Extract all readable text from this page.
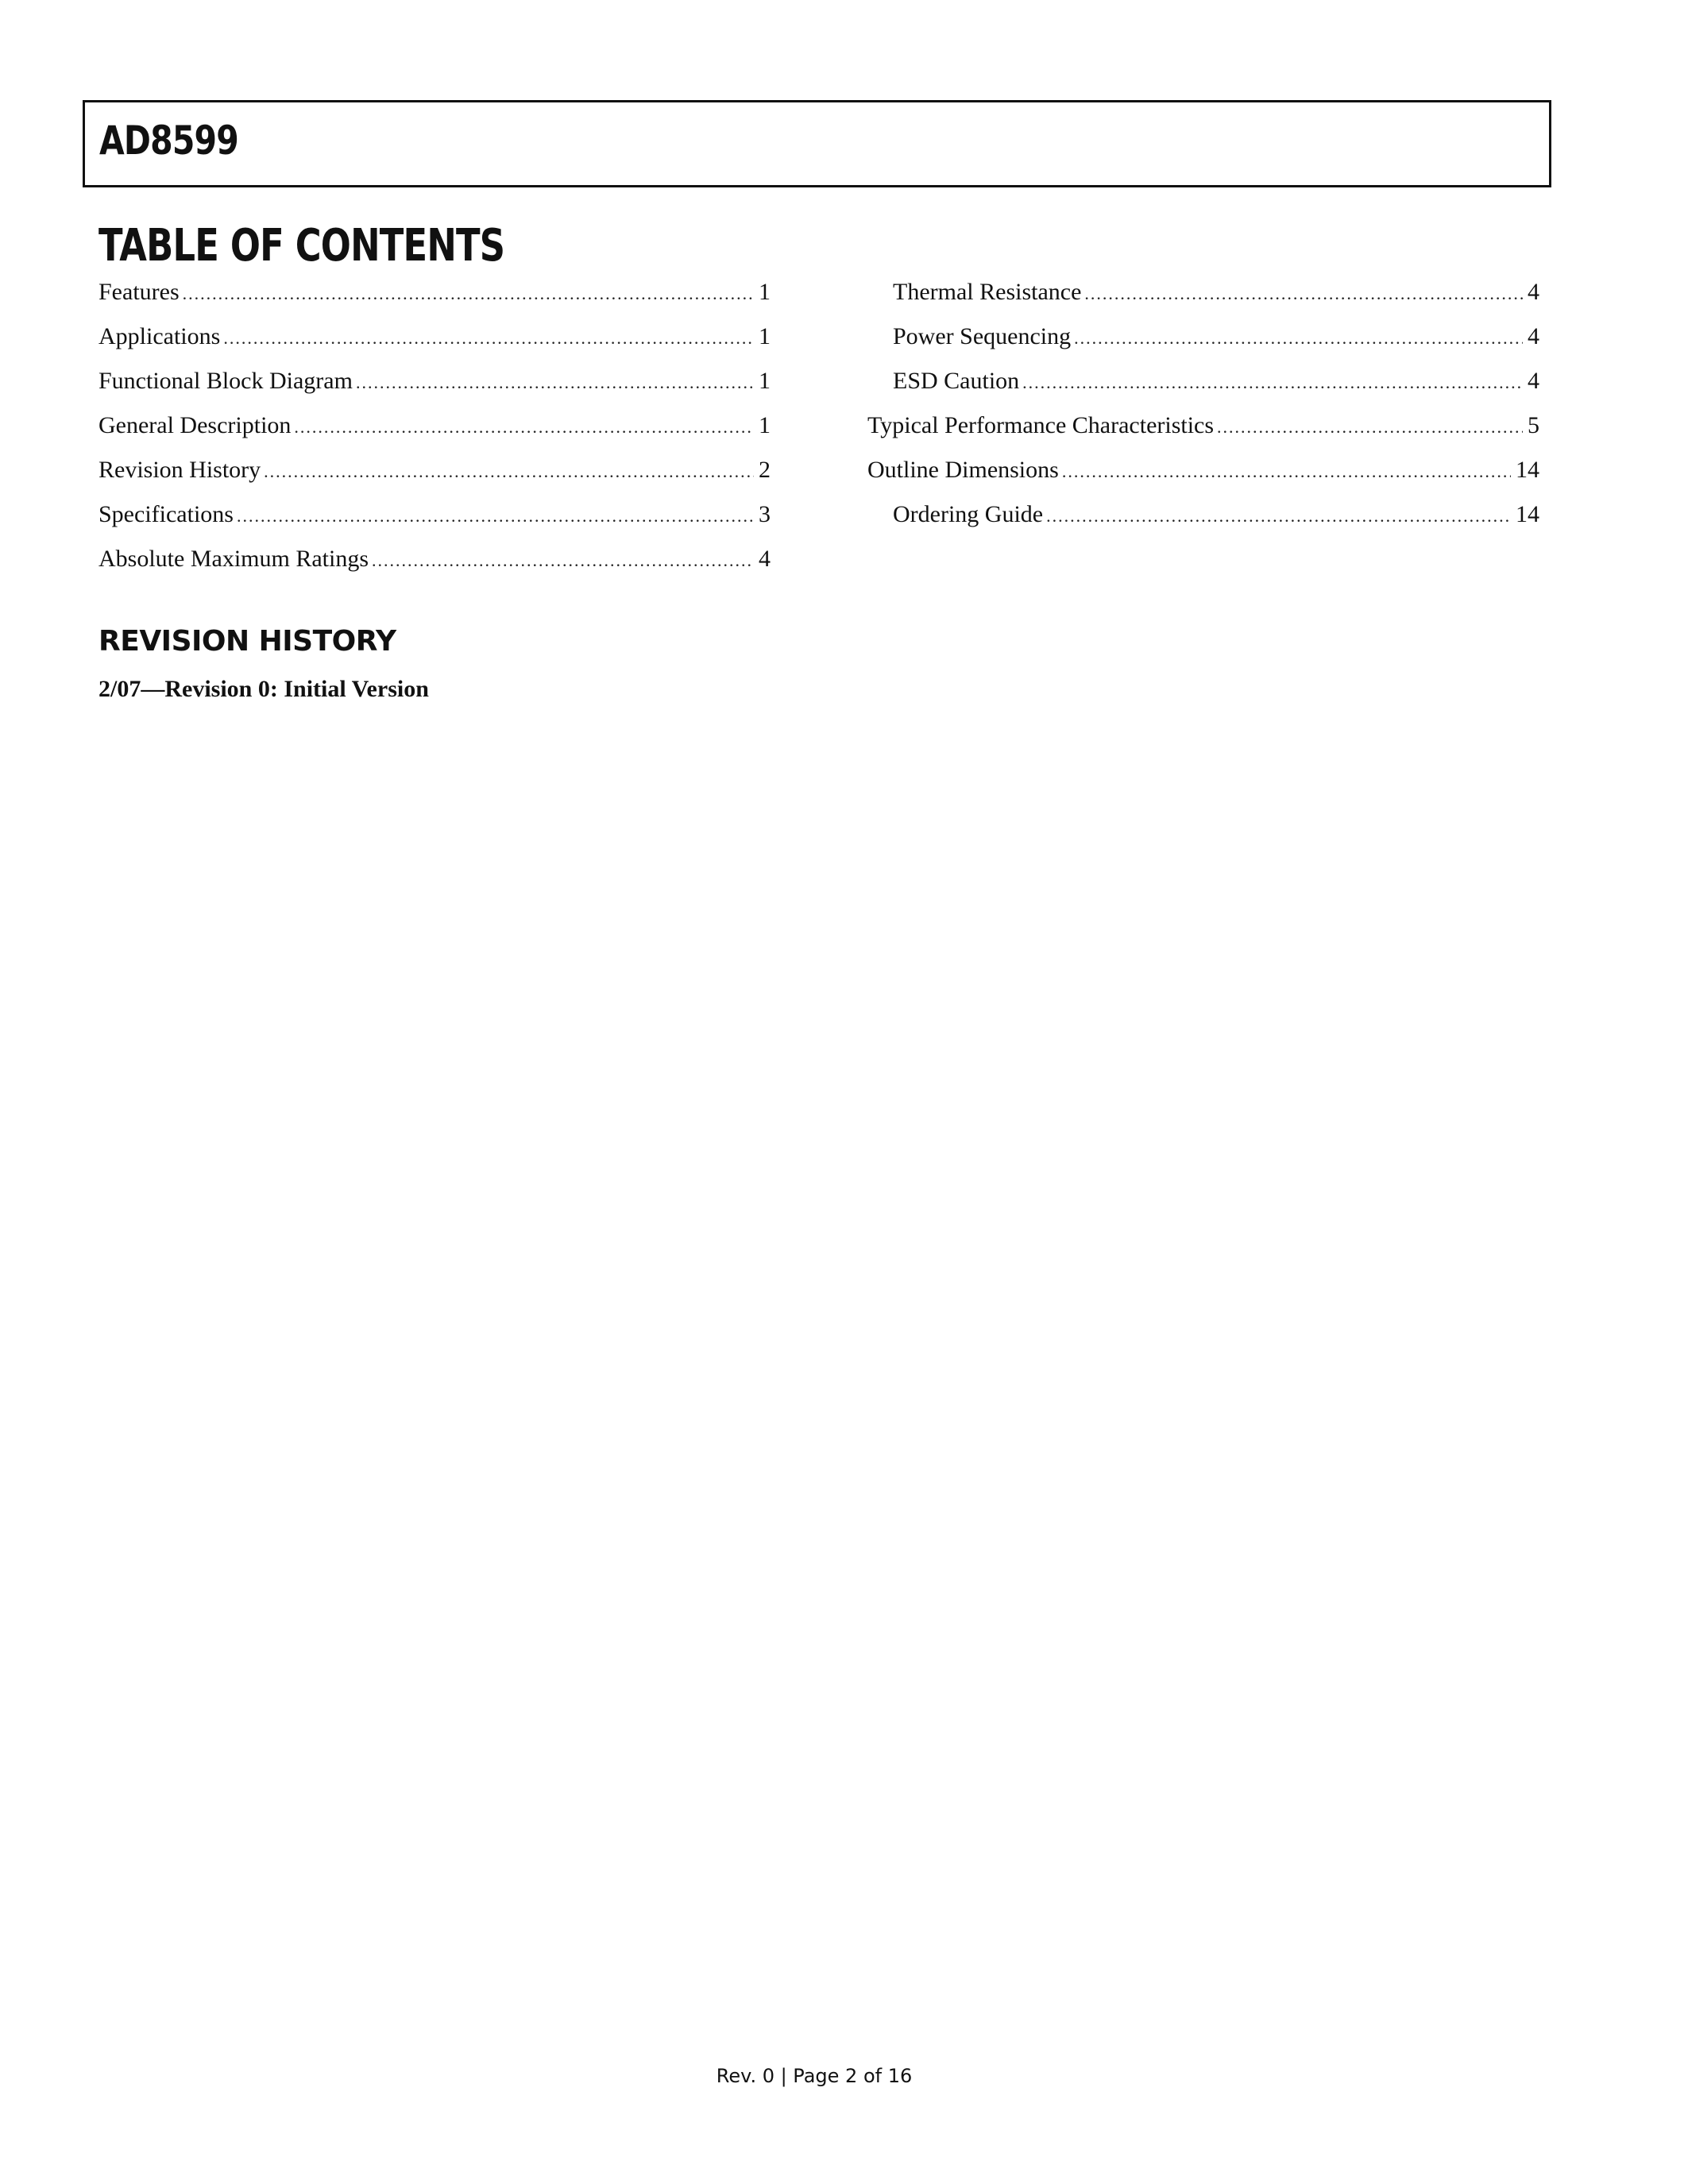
AD8599
TABLE OF CONTENTS
Features .....	1
Applications .....	1
Functional Block Diagram .....	1
General Description .....	1
Revision History .....	2
Specifications .....	3
Absolute Maximum Ratings .....	4
Thermal Resistance .....	4
Power Sequencing .....	4
ESD Caution .....	4
Typical Performance Characteristics .....	5
Outline Dimensions .....	14
Ordering Guide .....	14
REVISION HISTORY
2/07—Revision 0: Initial Version
Rev. 0 | Page 2 of 16
